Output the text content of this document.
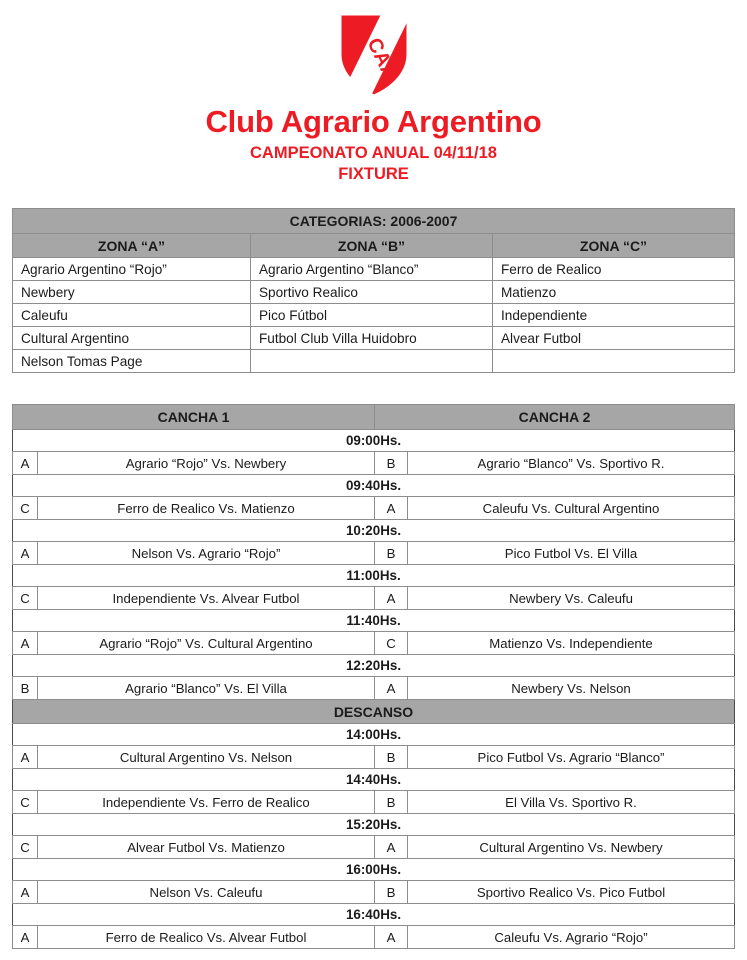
CAA
Club Agrario Argentino
CAMPEONATO ANUAL 04/11/18
FIXTURE
CATEGORIAS: 2006-2007		
ZONA “A”	ZONA “B”	ZONA “C”
Agrario Argentino “Rojo”	Agrario Argentino “Blanco”	Ferro de Realico
Newbery	Sportivo Realico	Matienzo
Caleufu	Pico Fútbol	Independiente
Cultural Argentino	Futbol Club Villa Huidobro	Alvear Futbol
Nelson Tomas Page		
CANCHA 1		CANCHA 2	
09:00Hs.			
A	Agrario “Rojo” Vs. Newbery	B	Agrario “Blanco” Vs. Sportivo R.
09:40Hs.			
C	Ferro de Realico Vs. Matienzo	A	Caleufu Vs. Cultural Argentino
10:20Hs.			
A	Nelson Vs. Agrario “Rojo”	B	Pico Futbol Vs. El Villa
11:00Hs.			
C	Independiente Vs. Alvear Futbol	A	Newbery Vs. Caleufu
11:40Hs.			
A	Agrario “Rojo” Vs. Cultural Argentino	C	Matienzo Vs. Independiente
12:20Hs.			
B	Agrario “Blanco” Vs. El Villa	A	Newbery Vs. Nelson
DESCANSO			
14:00Hs.			
A	Cultural Argentino Vs. Nelson	B	Pico Futbol Vs. Agrario “Blanco”
14:40Hs.			
C	Independiente Vs. Ferro de Realico	B	El Villa Vs. Sportivo R.
15:20Hs.			
C	Alvear Futbol Vs. Matienzo	A	Cultural Argentino Vs. Newbery
16:00Hs.			
A	Nelson Vs. Caleufu	B	Sportivo Realico Vs. Pico Futbol
16:40Hs.			
A	Ferro de Realico Vs. Alvear Futbol	A	Caleufu Vs. Agrario “Rojo”
